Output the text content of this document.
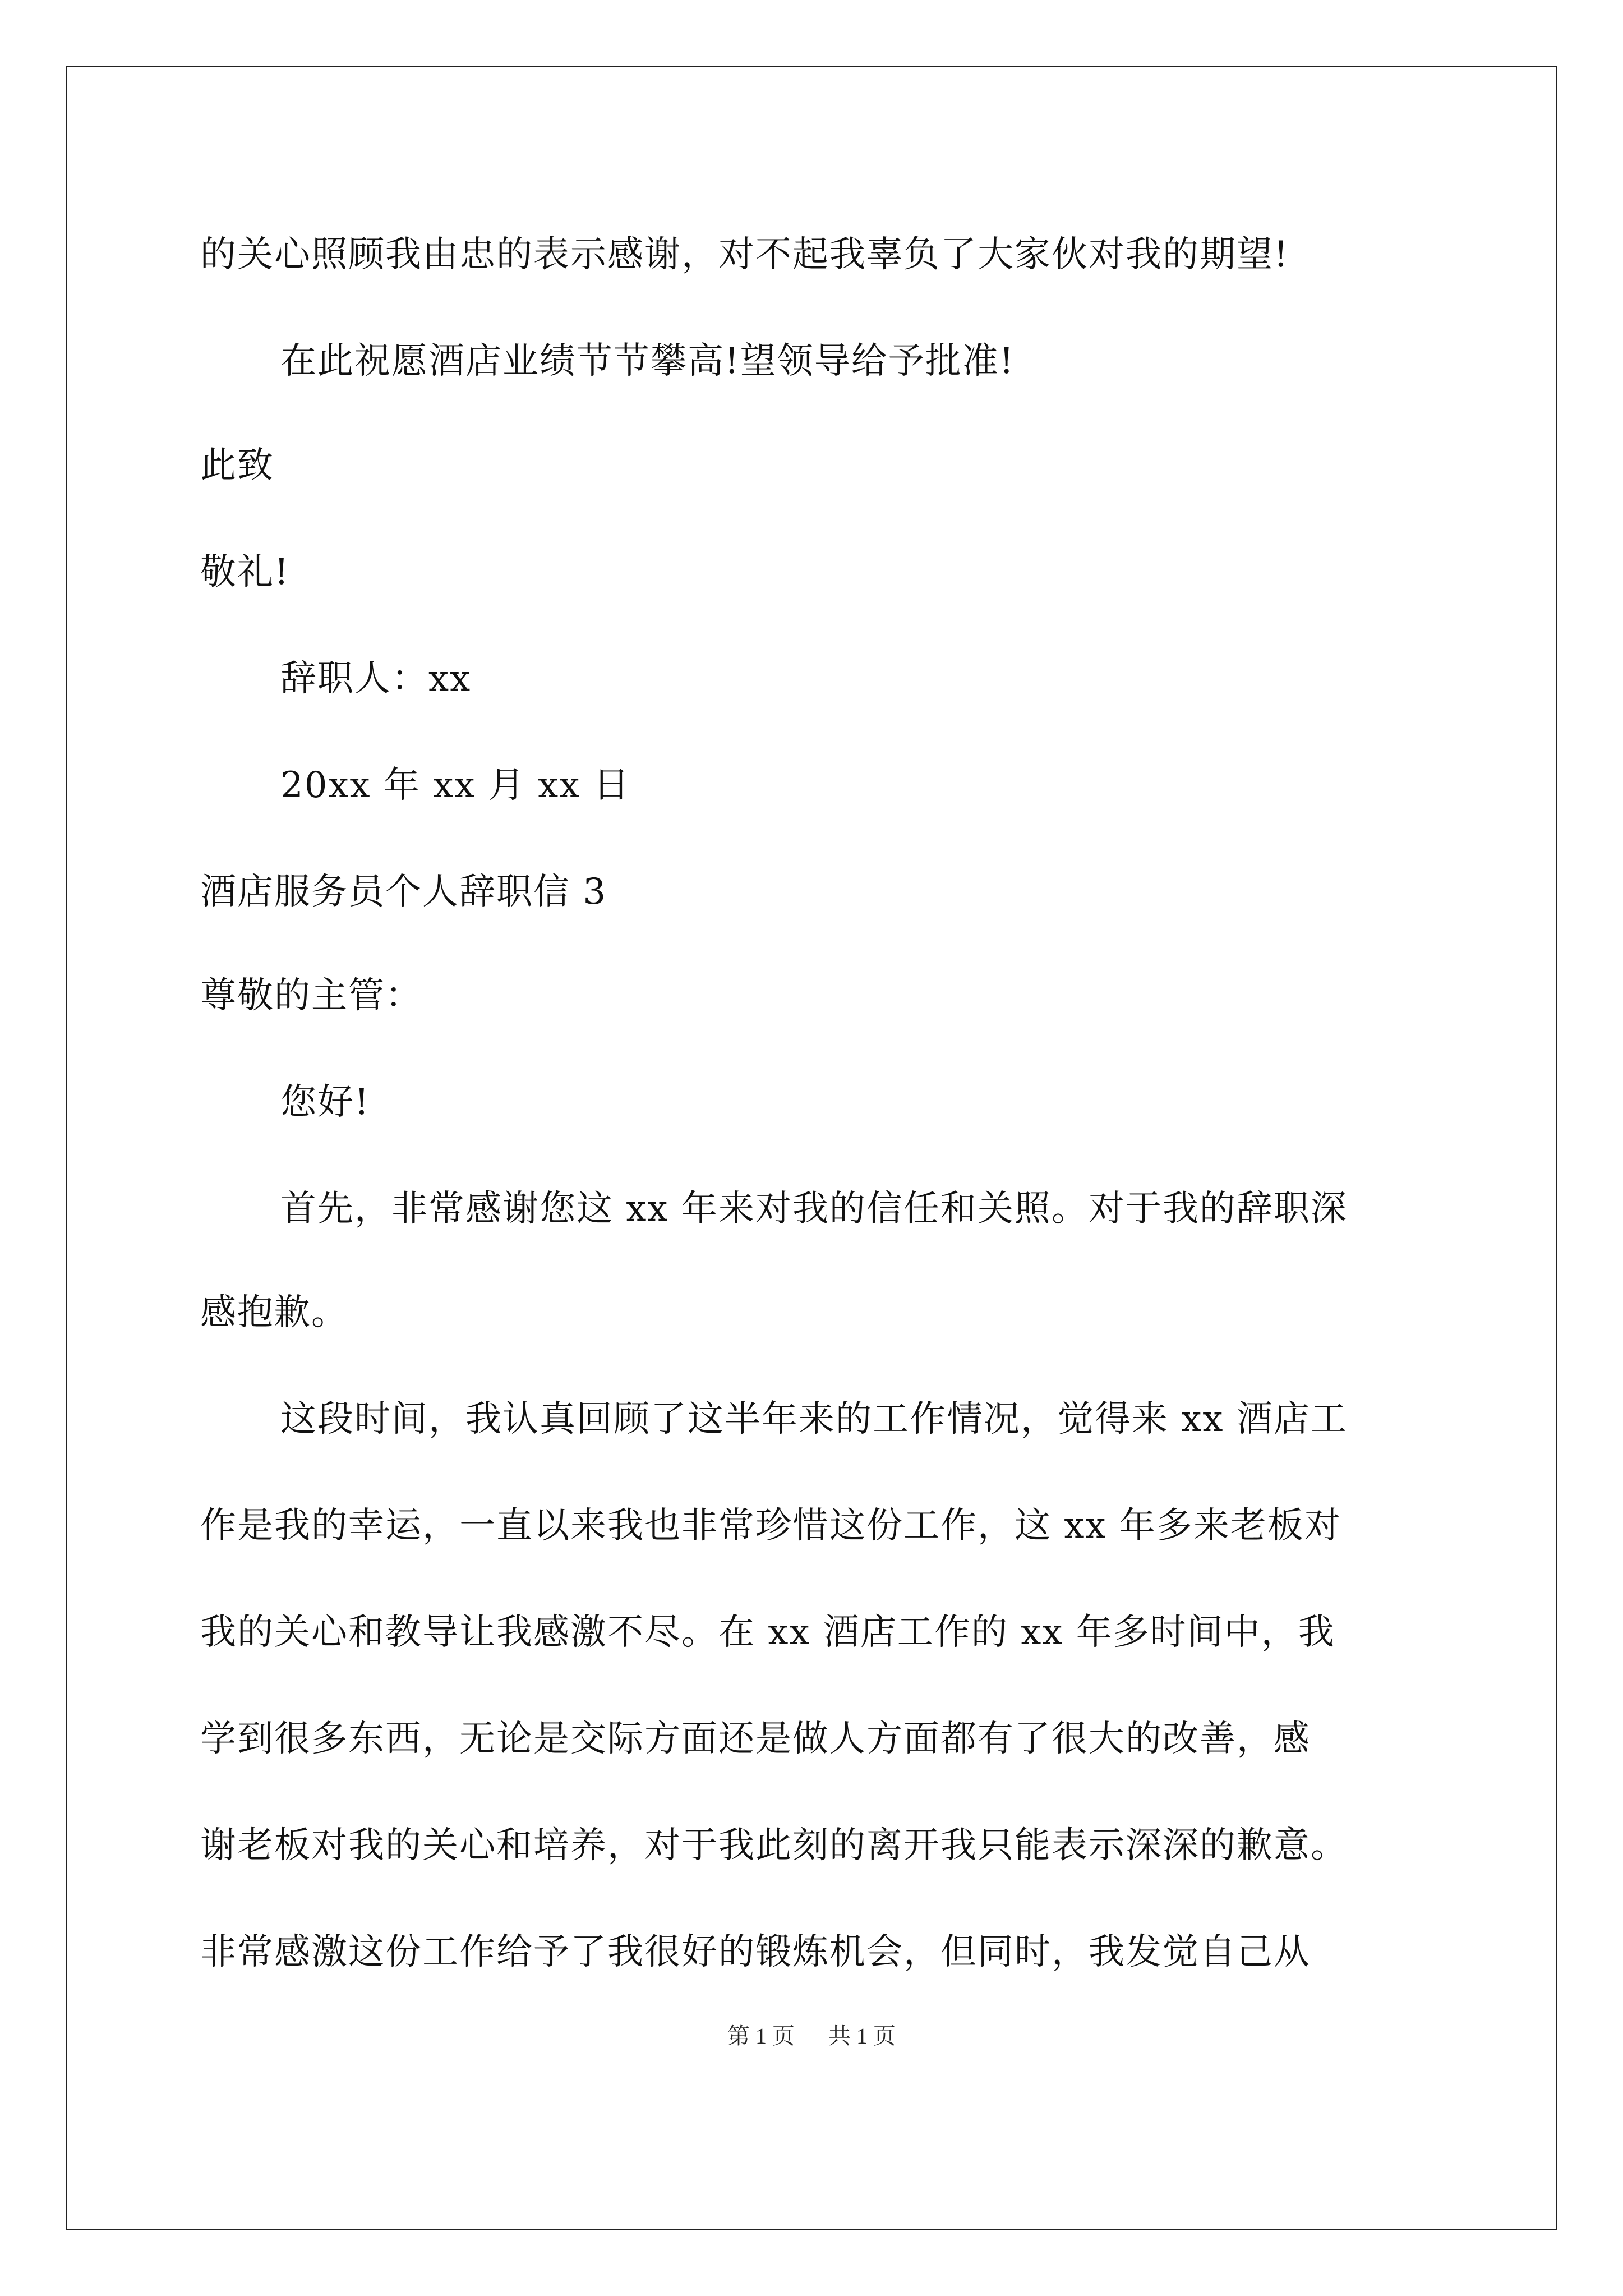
的关心照顾我由忠的表示感谢，对不起我辜负了大家伙对我的期望!
在此祝愿酒店业绩节节攀高!望领导给予批准!
此致
敬礼!
辞职人：xx
20xx 年 xx 月 xx 日
酒店服务员个人辞职信 3
尊敬的主管：
您好!
首先，非常感谢您这 xx 年来对我的信任和关照。对于我的辞职深
感抱歉。
这段时间，我认真回顾了这半年来的工作情况，觉得来 xx 酒店工
作是我的幸运，一直以来我也非常珍惜这份工作，这 xx 年多来老板对
我的关心和教导让我感激不尽。在 xx 酒店工作的 xx 年多时间中，我
学到很多东西，无论是交际方面还是做人方面都有了很大的改善，感
谢老板对我的关心和培养，对于我此刻的离开我只能表示深深的歉意。
非常感激这份工作给予了我很好的锻炼机会，但同时，我发觉自己从
第 1 页 共 1 页
